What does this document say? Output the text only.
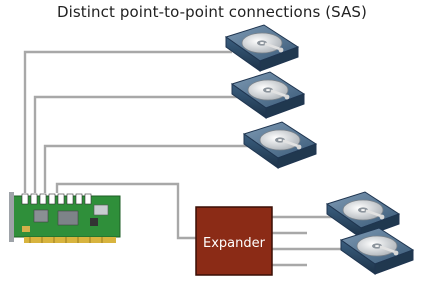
Distinct point-to-point connections (SAS)
Expander
